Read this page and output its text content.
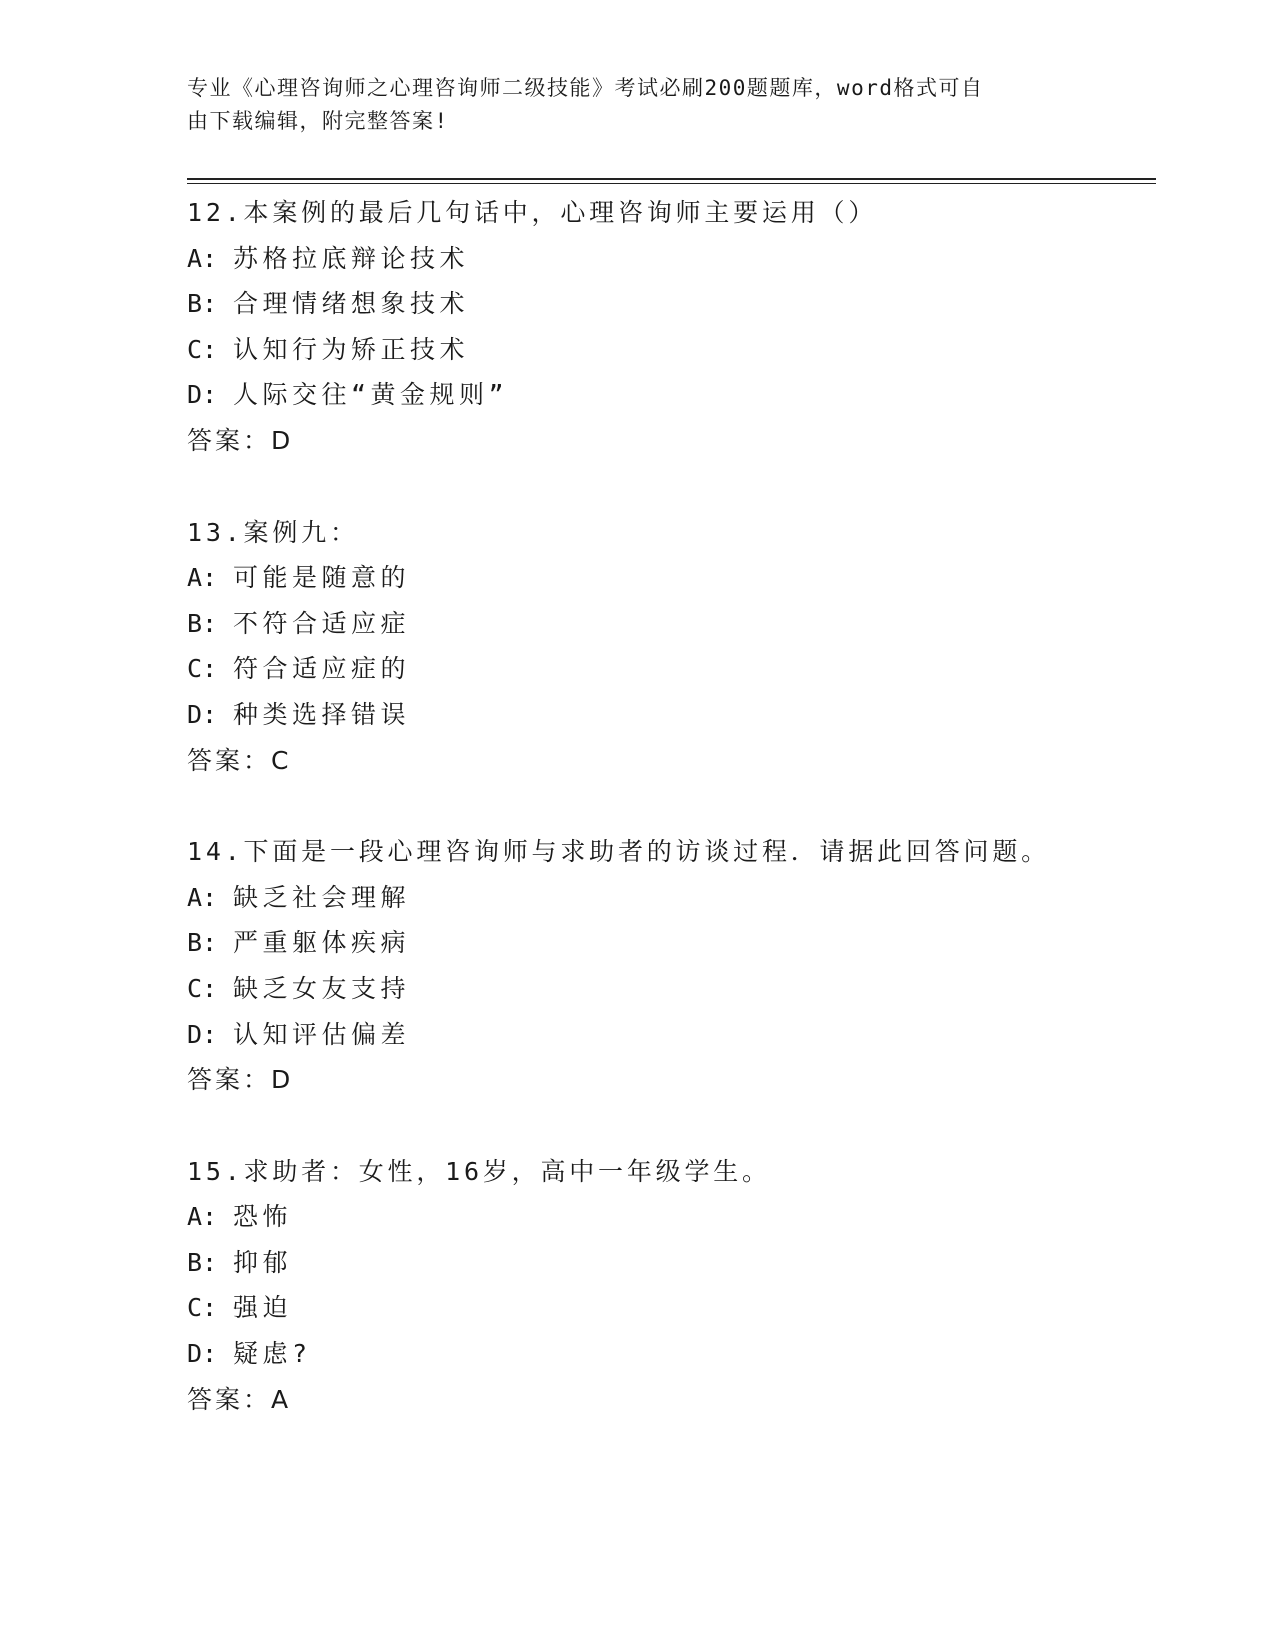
专业《心理咨询师之心理咨询师二级技能》考试必刷200题题库，word格式可自
由下载编辑，附完整答案!
12.本案例的最后几句话中，心理咨询师主要运用（）
A: 苏格拉底辩论技术
B: 合理情绪想象技术
C: 认知行为矫正技术
D: 人际交往“黄金规则”
答案：D
13.案例九：
A: 可能是随意的
B: 不符合适应症
C: 符合适应症的
D: 种类选择错误
答案：C
14.下面是一段心理咨询师与求助者的访谈过程．请据此回答问题。
A: 缺乏社会理解
B: 严重躯体疾病
C: 缺乏女友支持
D: 认知评估偏差
答案：D
15.求助者：女性，16岁，高中一年级学生。
A: 恐怖
B: 抑郁
C: 强迫
D: 疑虑?
答案：A
